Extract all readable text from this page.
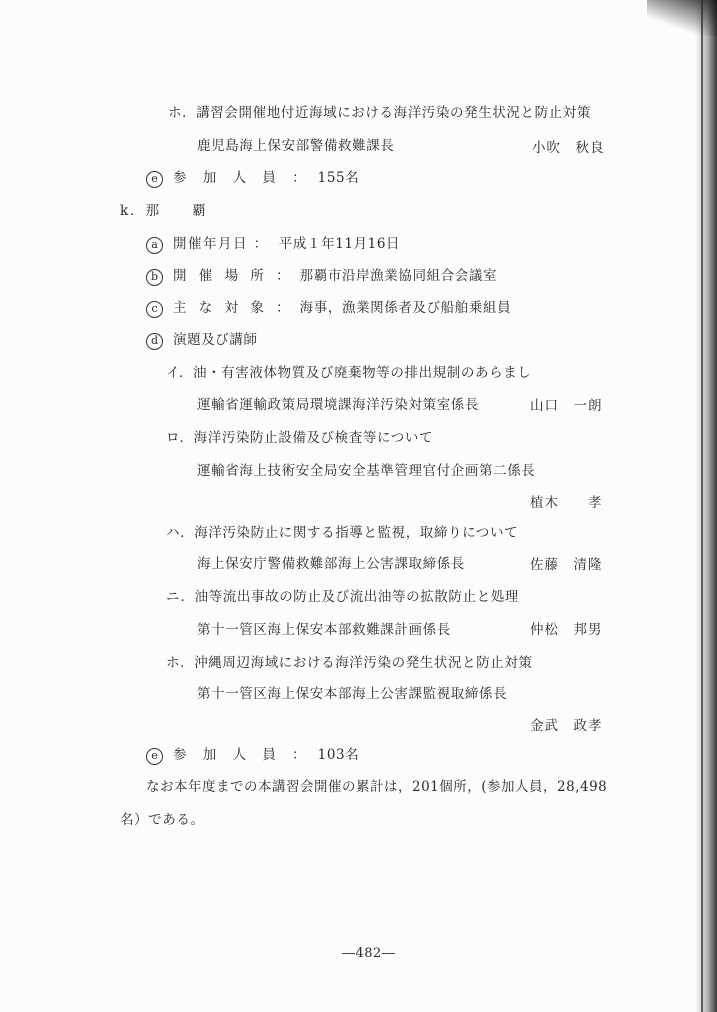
ホ．講習会開催地付近海域における海洋汚染の発生状況と防止対策
鹿児島海上保安部警備救難課長	小吹　秋良
e 参 加 人 員 ： 155名
k．那　　覇
a 開催年月日 ： 平成１年11月16日
b 開 催 場 所 ： 那覇市沿岸漁業協同組合会議室
c 主 な 対 象 ： 海事，漁業関係者及び船舶乗組員
d 演題及び講師
イ．油・有害液体物質及び廃棄物等の排出規制のあらまし
運輸省運輸政策局環境課海洋汚染対策室係長	山口　一朗
ロ．海洋汚染防止設備及び検査等について
運輸省海上技術安全局安全基準管理官付企画第二係長
植木　　孝
ハ．海洋汚染防止に関する指導と監視，取締りについて
海上保安庁警備救難部海上公害課取締係長	佐藤　清隆
ニ．油等流出事故の防止及び流出油等の拡散防止と処理
第十一管区海上保安本部救難課計画係長	仲松　邦男
ホ．沖縄周辺海域における海洋汚染の発生状況と防止対策
第十一管区海上保安本部海上公害課監視取締係長
金武　政孝
e 参 加 人 員 ： 103名
なお本年度までの本講習会開催の累計は，201個所，(参加人員，28,498
名）である。
―482―
